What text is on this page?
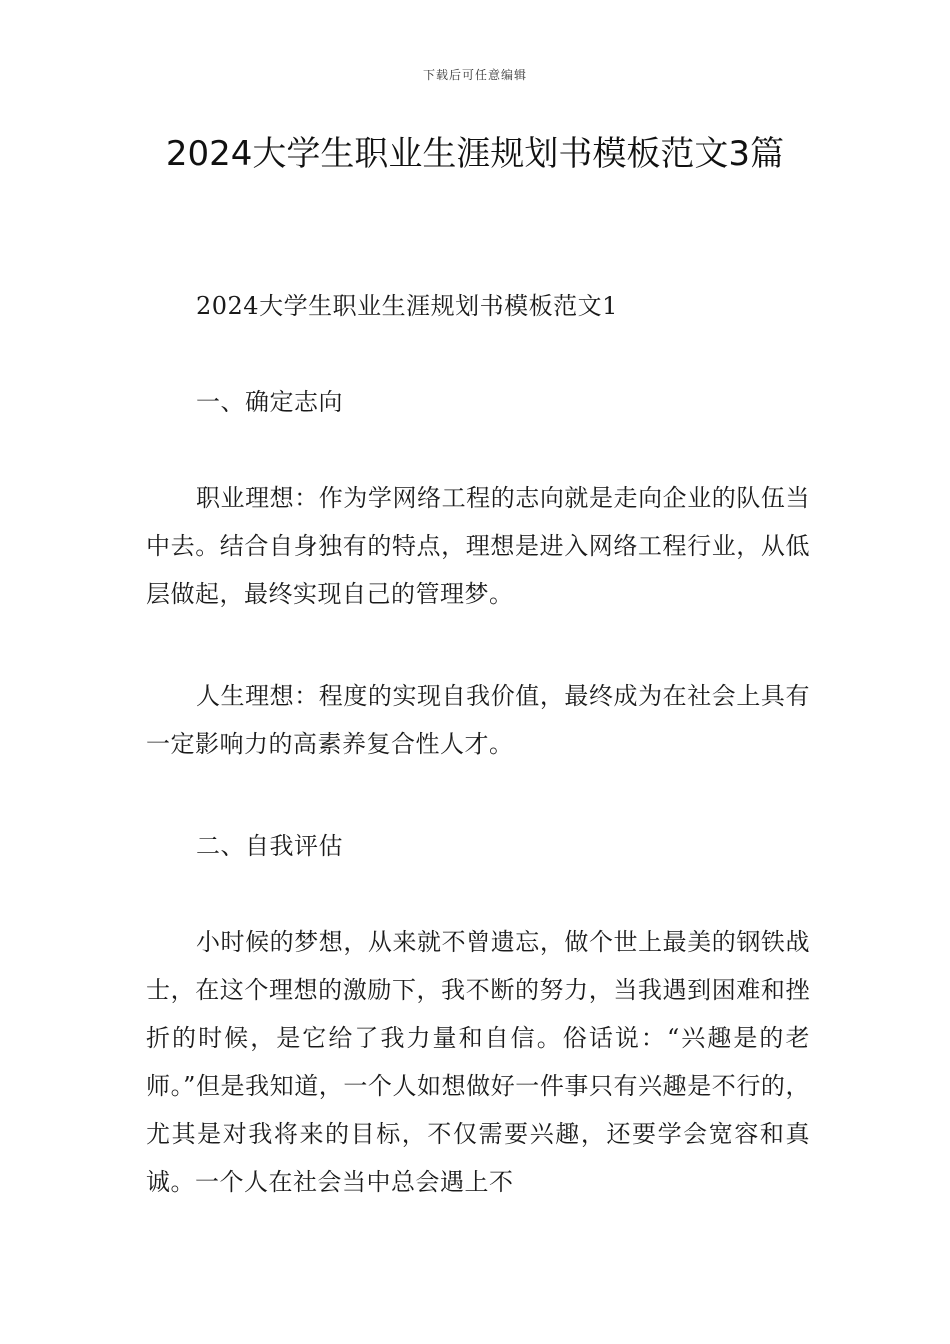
下载后可任意编辑
2024大学生职业生涯规划书模板范文3篇

2024大学生职业生涯规划书模板范文1

一、确定志向

职业理想：作为学网络工程的志向就是走向企业的队伍当中去。结合自身独有的特点，理想是进入网络工程行业，从低层做起，最终实现自己的管理梦。

人生理想：程度的实现自我价值，最终成为在社会上具有一定影响力的高素养复合性人才。

二、自我评估

小时候的梦想，从来就不曾遗忘，做个世上最美的钢铁战士，在这个理想的激励下，我不断的努力，当我遇到困难和挫折的时候，是它给了我力量和自信。俗话说：“兴趣是的老师。”但是我知道，一个人如想做好一件事只有兴趣是不行的，尤其是对我将来的目标，不仅需要兴趣，还要学会宽容和真诚。一个人在社会当中总会遇上不
